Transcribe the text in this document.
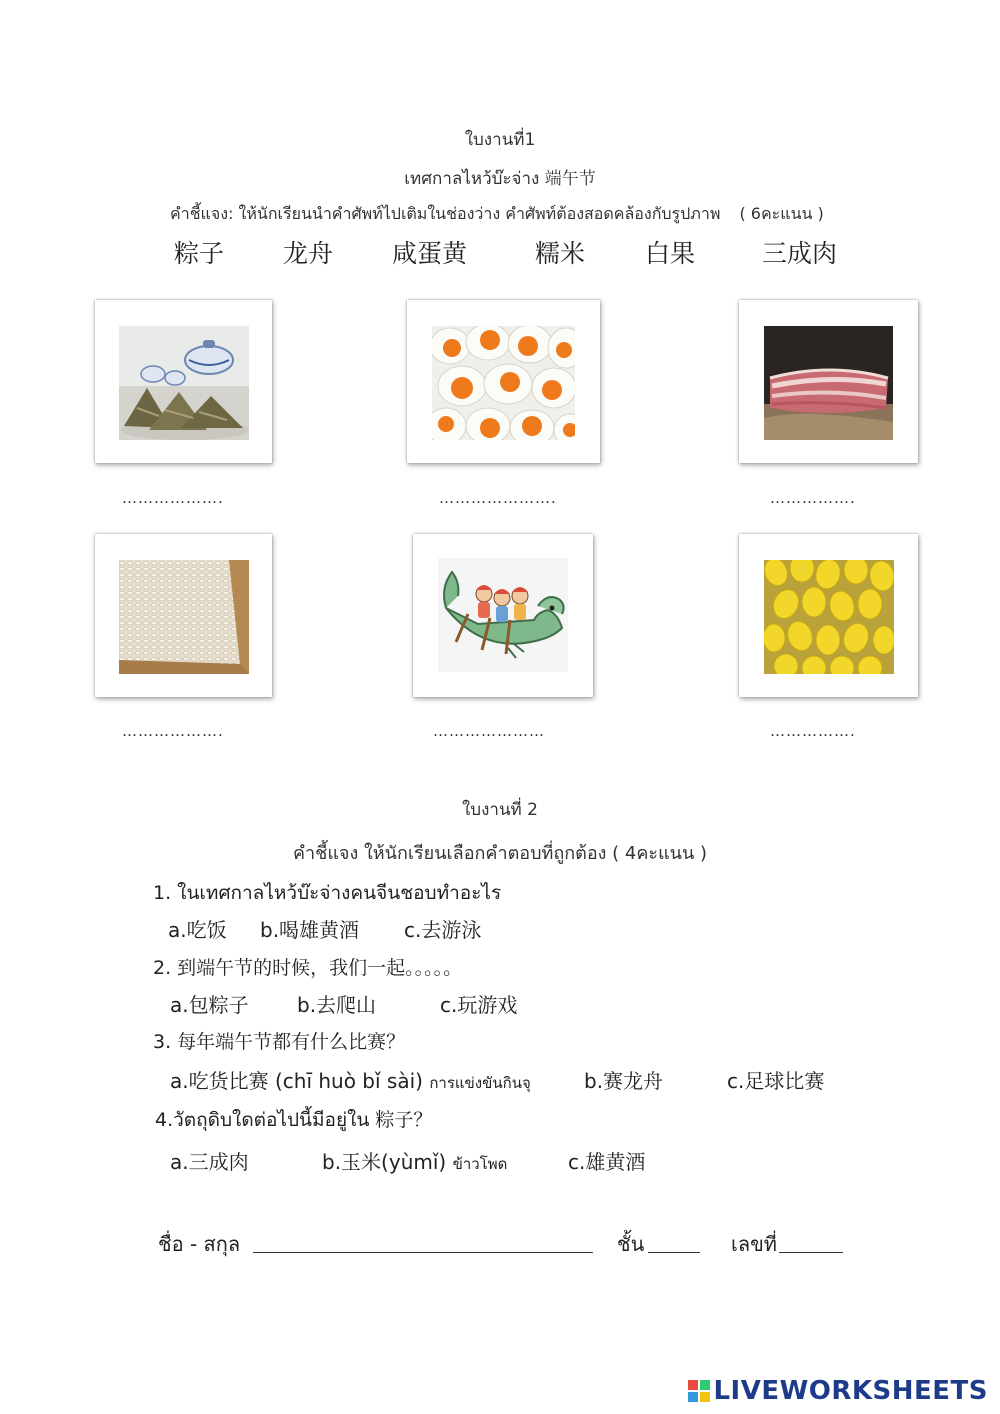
ใบงานที่1
เทศกาลไหว้บ๊ะจ่าง 端午节
คำชี้แจง: ให้นักเรียนนำคำศัพท์ไปเติมในช่องว่าง คำศัพท์ต้องสอดคล้องกับรูปภาพ ( 6คะแนน )
粽子 龙舟 咸蛋黄	糯米 白果	三成肉
……………….	………………….	…………….
……………….	…………………	…………….
ใบงานที่ 2
คำชี้แจง ให้นักเรียนเลือกคำตอบที่ถูกต้อง ( 4คะแนน )
1. ในเทศกาลไหว้บ๊ะจ่างคนจีนชอบทำอะไร
a.吃饭 b.喝雄黄酒 c.去游泳
2. 到端午节的时候，我们一起。。。。。
a.包粽子 b.去爬山	c.玩游戏
3. 每年端午节都有什么比赛？
a.吃货比赛 (chī huò bǐ sài) การแข่งขันกินจุ	b.赛龙舟	c.足球比赛
4.วัตถุดิบใดต่อไปนี้มีอยู่ใน 粽子？
a.三成肉	b.玉米(yùmǐ) ข้าวโพด	c.雄黄酒
ชื่อ - สกุล	ชั้น	เลขที่
LIVEWORKSHEETS
